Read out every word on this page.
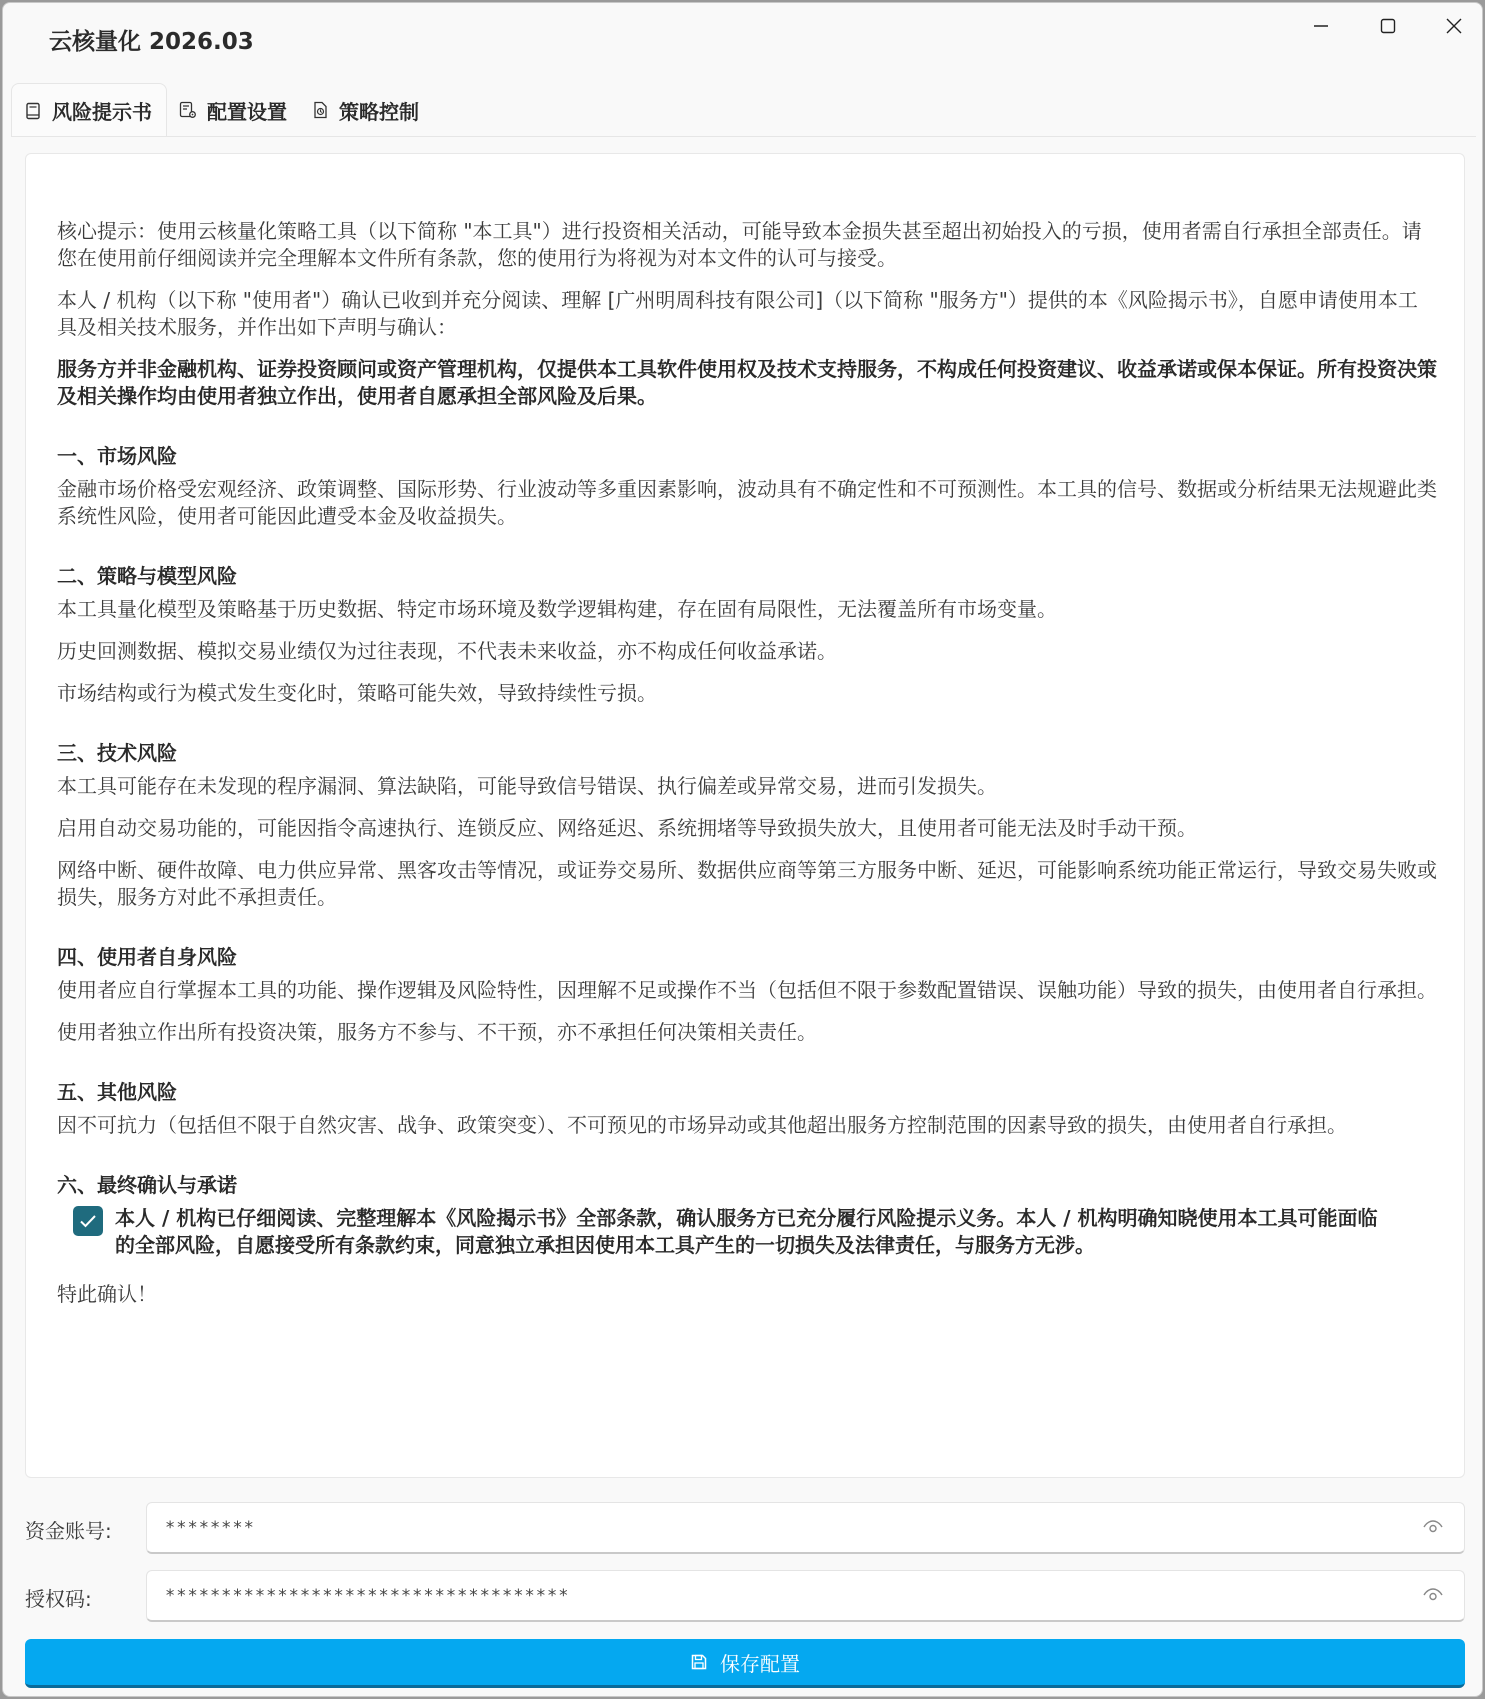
云核量化 2026.03
风险提示书	配置设置	策略控制

核心提示：使用云核量化策略工具（以下简称 "本工具"）进行投资相关活动，可能导致本金损失甚至超出初始投入的亏损，使用者需自行承担全部责任。请您在使用前仔细阅读并完全理解本文件所有条款，您的使用行为将视为对本文件的认可与接受。

本人 / 机构（以下称 "使用者"）确认已收到并充分阅读、理解 [广州明周科技有限公司]（以下简称 "服务方"）提供的本《风险揭示书》，自愿申请使用本工具及相关技术服务，并作出如下声明与确认：

服务方并非金融机构、证券投资顾问或资产管理机构，仅提供本工具软件使用权及技术支持服务，不构成任何投资建议、收益承诺或保本保证。所有投资决策及相关操作均由使用者独立作出，使用者自愿承担全部风险及后果。

一、市场风险

金融市场价格受宏观经济、政策调整、国际形势、行业波动等多重因素影响，波动具有不确定性和不可预测性。本工具的信号、数据或分析结果无法规避此类系统性风险，使用者可能因此遭受本金及收益损失。

二、策略与模型风险

本工具量化模型及策略基于历史数据、特定市场环境及数学逻辑构建，存在固有局限性，无法覆盖所有市场变量。

历史回测数据、模拟交易业绩仅为过往表现，不代表未来收益，亦不构成任何收益承诺。

市场结构或行为模式发生变化时，策略可能失效，导致持续性亏损。

三、技术风险

本工具可能存在未发现的程序漏洞、算法缺陷，可能导致信号错误、执行偏差或异常交易，进而引发损失。

启用自动交易功能的，可能因指令高速执行、连锁反应、网络延迟、系统拥堵等导致损失放大，且使用者可能无法及时手动干预。

网络中断、硬件故障、电力供应异常、黑客攻击等情况，或证券交易所、数据供应商等第三方服务中断、延迟，可能影响系统功能正常运行，导致交易失败或损失，服务方对此不承担责任。

四、使用者自身风险

使用者应自行掌握本工具的功能、操作逻辑及风险特性，因理解不足或操作不当（包括但不限于参数配置错误、误触功能）导致的损失，由使用者自行承担。

使用者独立作出所有投资决策，服务方不参与、不干预，亦不承担任何决策相关责任。

五、其他风险

因不可抗力（包括但不限于自然灾害、战争、政策突变）、不可预见的市场异动或其他超出服务方控制范围的因素导致的损失，由使用者自行承担。

六、最终确认与承诺
本人 / 机构已仔细阅读、完整理解本《风险揭示书》全部条款，确认服务方已充分履行风险提示义务。本人 / 机构明确知晓使用本工具可能面临的全部风险，自愿接受所有条款约束，同意独立承担因使用本工具产生的一切损失及法律责任，与服务方无涉。

特此确认！

资金账号:	********
授权码:	************************************
保存配置
